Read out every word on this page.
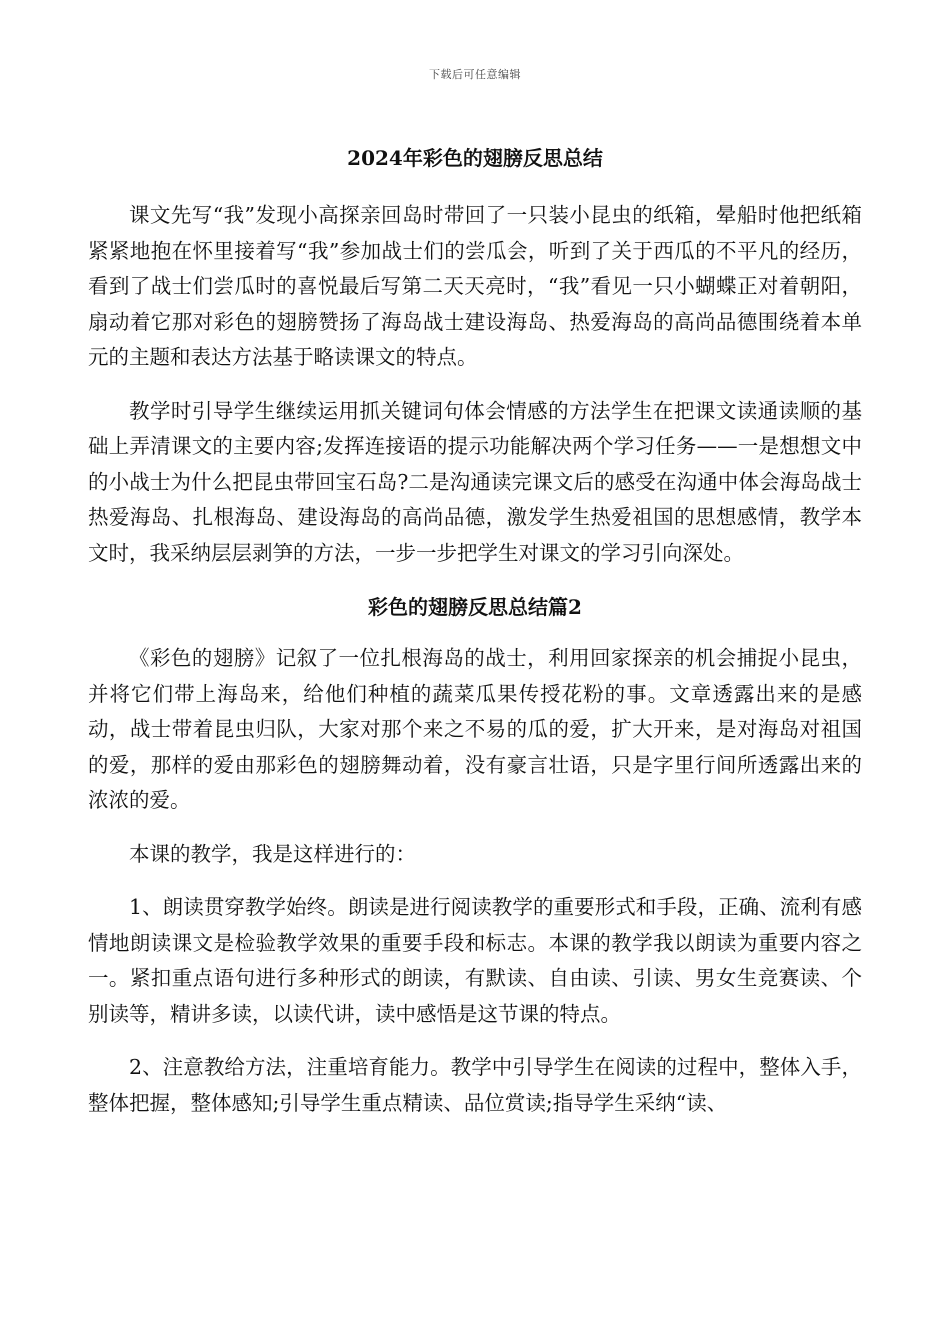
下载后可任意编辑
2024年彩色的翅膀反思总结

课文先写“我”发现小高探亲回岛时带回了一只装小昆虫的纸箱，晕船时他把纸箱紧紧地抱在怀里接着写“我”参加战士们的尝瓜会，听到了关于西瓜的不平凡的经历，看到了战士们尝瓜时的喜悦最后写第二天天亮时，“我”看见一只小蝴蝶正对着朝阳，扇动着它那对彩色的翅膀赞扬了海岛战士建设海岛、热爱海岛的高尚品德围绕着本单元的主题和表达方法基于略读课文的特点。

教学时引导学生继续运用抓关键词句体会情感的方法学生在把课文读通读顺的基础上弄清课文的主要内容;发挥连接语的提示功能解决两个学习任务——一是想想文中的小战士为什么把昆虫带回宝石岛?二是沟通读完课文后的感受在沟通中体会海岛战士热爱海岛、扎根海岛、建设海岛的高尚品德，激发学生热爱祖国的思想感情，教学本文时，我采纳层层剥笋的方法，一步一步把学生对课文的学习引向深处。

彩色的翅膀反思总结篇2

《彩色的翅膀》记叙了一位扎根海岛的战士，利用回家探亲的机会捕捉小昆虫，并将它们带上海岛来，给他们种植的蔬菜瓜果传授花粉的事。文章透露出来的是感动，战士带着昆虫归队，大家对那个来之不易的瓜的爱，扩大开来，是对海岛对祖国的爱，那样的爱由那彩色的翅膀舞动着，没有豪言壮语，只是字里行间所透露出来的浓浓的爱。

本课的教学，我是这样进行的：

1、朗读贯穿教学始终。朗读是进行阅读教学的重要形式和手段，正确、流利有感情地朗读课文是检验教学效果的重要手段和标志。本课的教学我以朗读为重要内容之一。紧扣重点语句进行多种形式的朗读，有默读、自由读、引读、男女生竞赛读、个别读等，精讲多读，以读代讲，读中感悟是这节课的特点。

2、注意教给方法，注重培育能力。教学中引导学生在阅读的过程中，整体入手，整体把握，整体感知;引导学生重点精读、品位赏读;指导学生采纳“读、
